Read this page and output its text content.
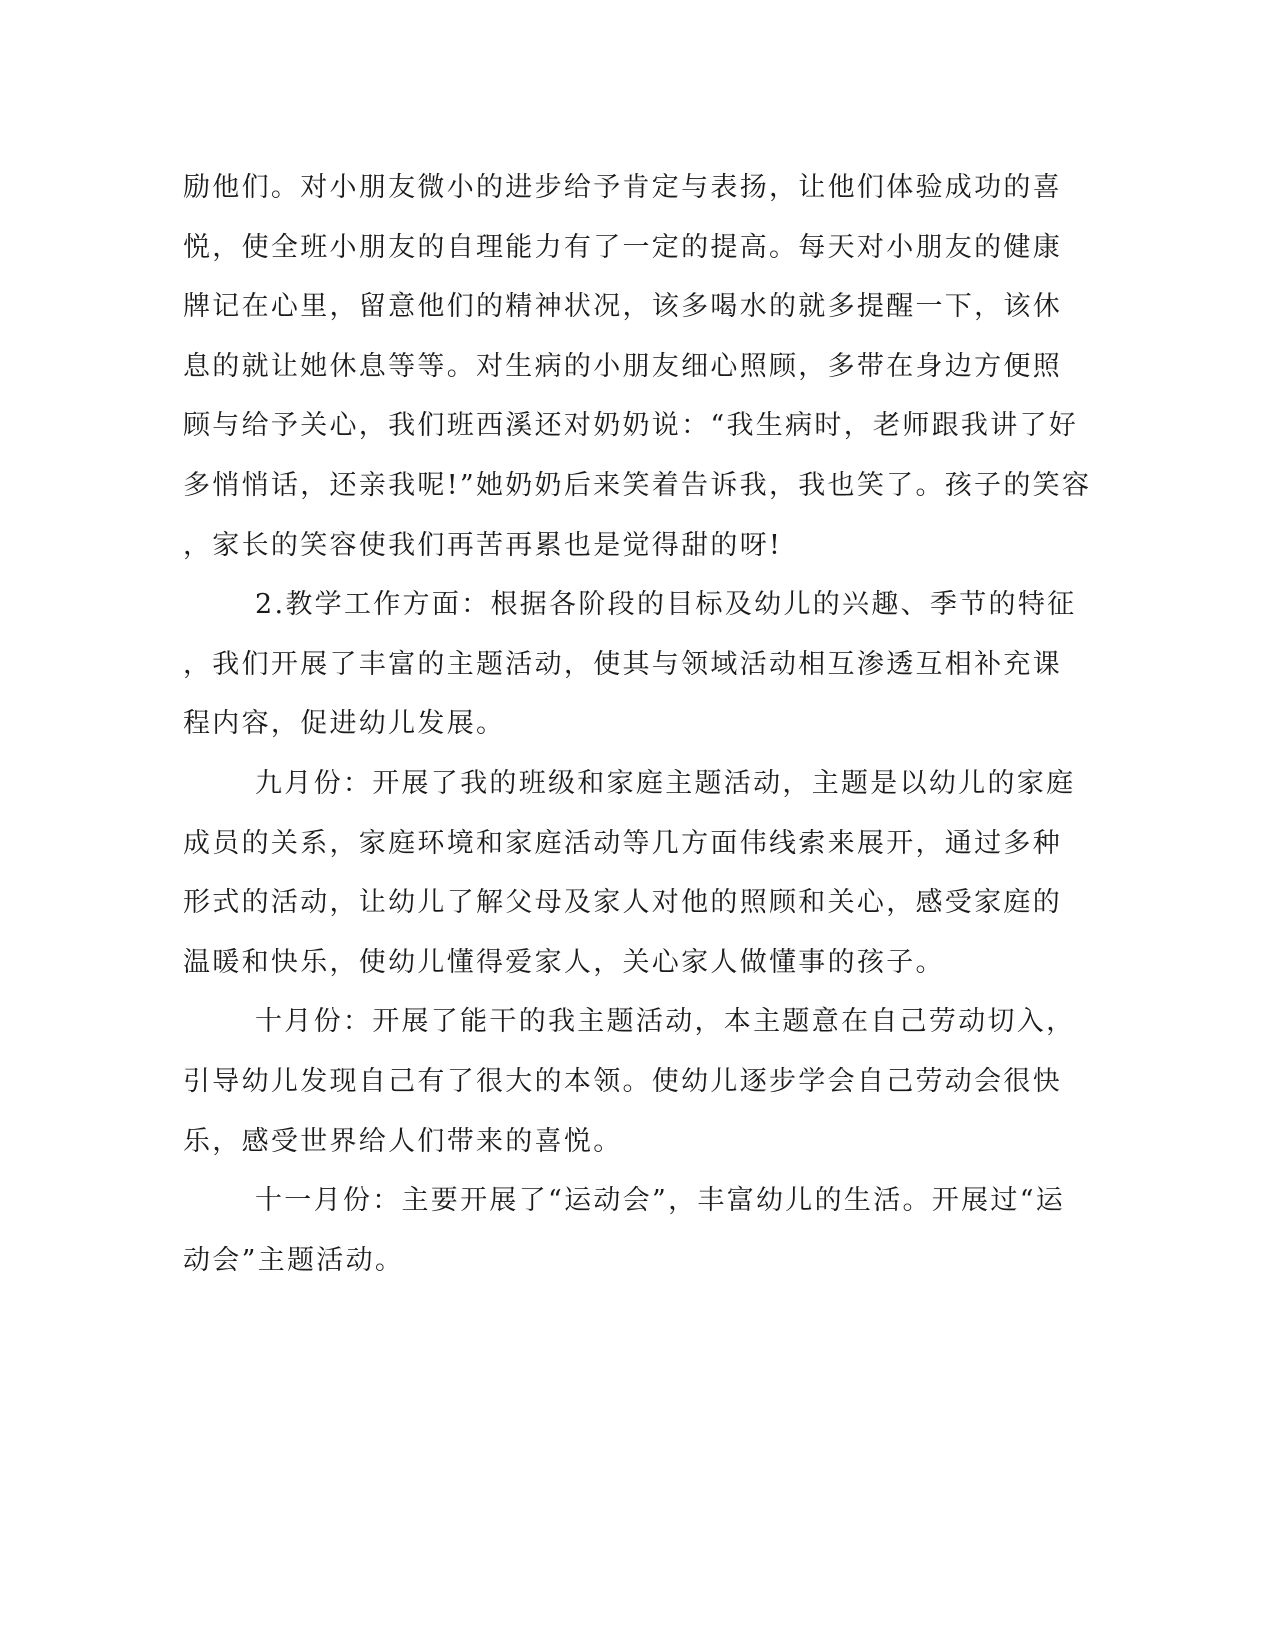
励他们。对小朋友微小的进步给予肯定与表扬，让他们体验成功的喜
悦，使全班小朋友的自理能力有了一定的提高。每天对小朋友的健康
牌记在心里，留意他们的精神状况，该多喝水的就多提醒一下，该休
息的就让她休息等等。对生病的小朋友细心照顾，多带在身边方便照
顾与给予关心，我们班西溪还对奶奶说：“我生病时，老师跟我讲了好
多悄悄话，还亲我呢!”她奶奶后来笑着告诉我，我也笑了。孩子的笑容
，家长的笑容使我们再苦再累也是觉得甜的呀!
2.教学工作方面：根据各阶段的目标及幼儿的兴趣、季节的特征
，我们开展了丰富的主题活动，使其与领域活动相互渗透互相补充课
程内容，促进幼儿发展。
九月份：开展了我的班级和家庭主题活动，主题是以幼儿的家庭
成员的关系，家庭环境和家庭活动等几方面伟线索来展开，通过多种
形式的活动，让幼儿了解父母及家人对他的照顾和关心，感受家庭的
温暖和快乐，使幼儿懂得爱家人，关心家人做懂事的孩子。
十月份：开展了能干的我主题活动，本主题意在自己劳动切入，
引导幼儿发现自己有了很大的本领。使幼儿逐步学会自己劳动会很快
乐，感受世界给人们带来的喜悦。
十一月份：主要开展了“运动会”，丰富幼儿的生活。开展过“运
动会”主题活动。
